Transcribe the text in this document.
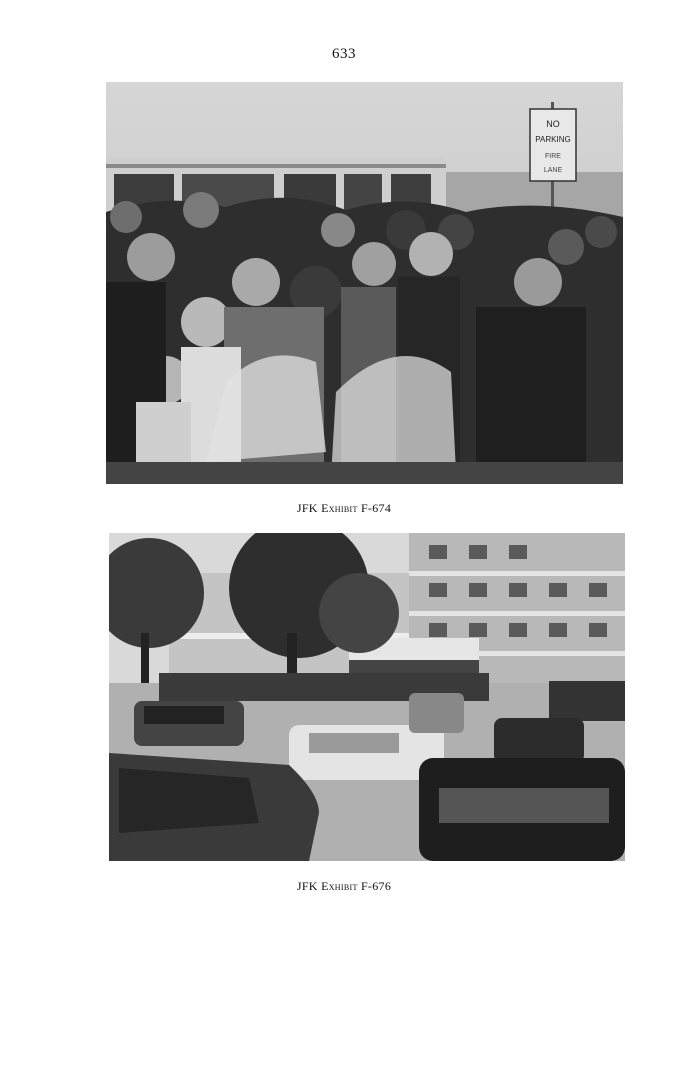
633
NO
PARKING
FIRE
LANE
JFK Exhibit F-674
JFK Exhibit F-676
